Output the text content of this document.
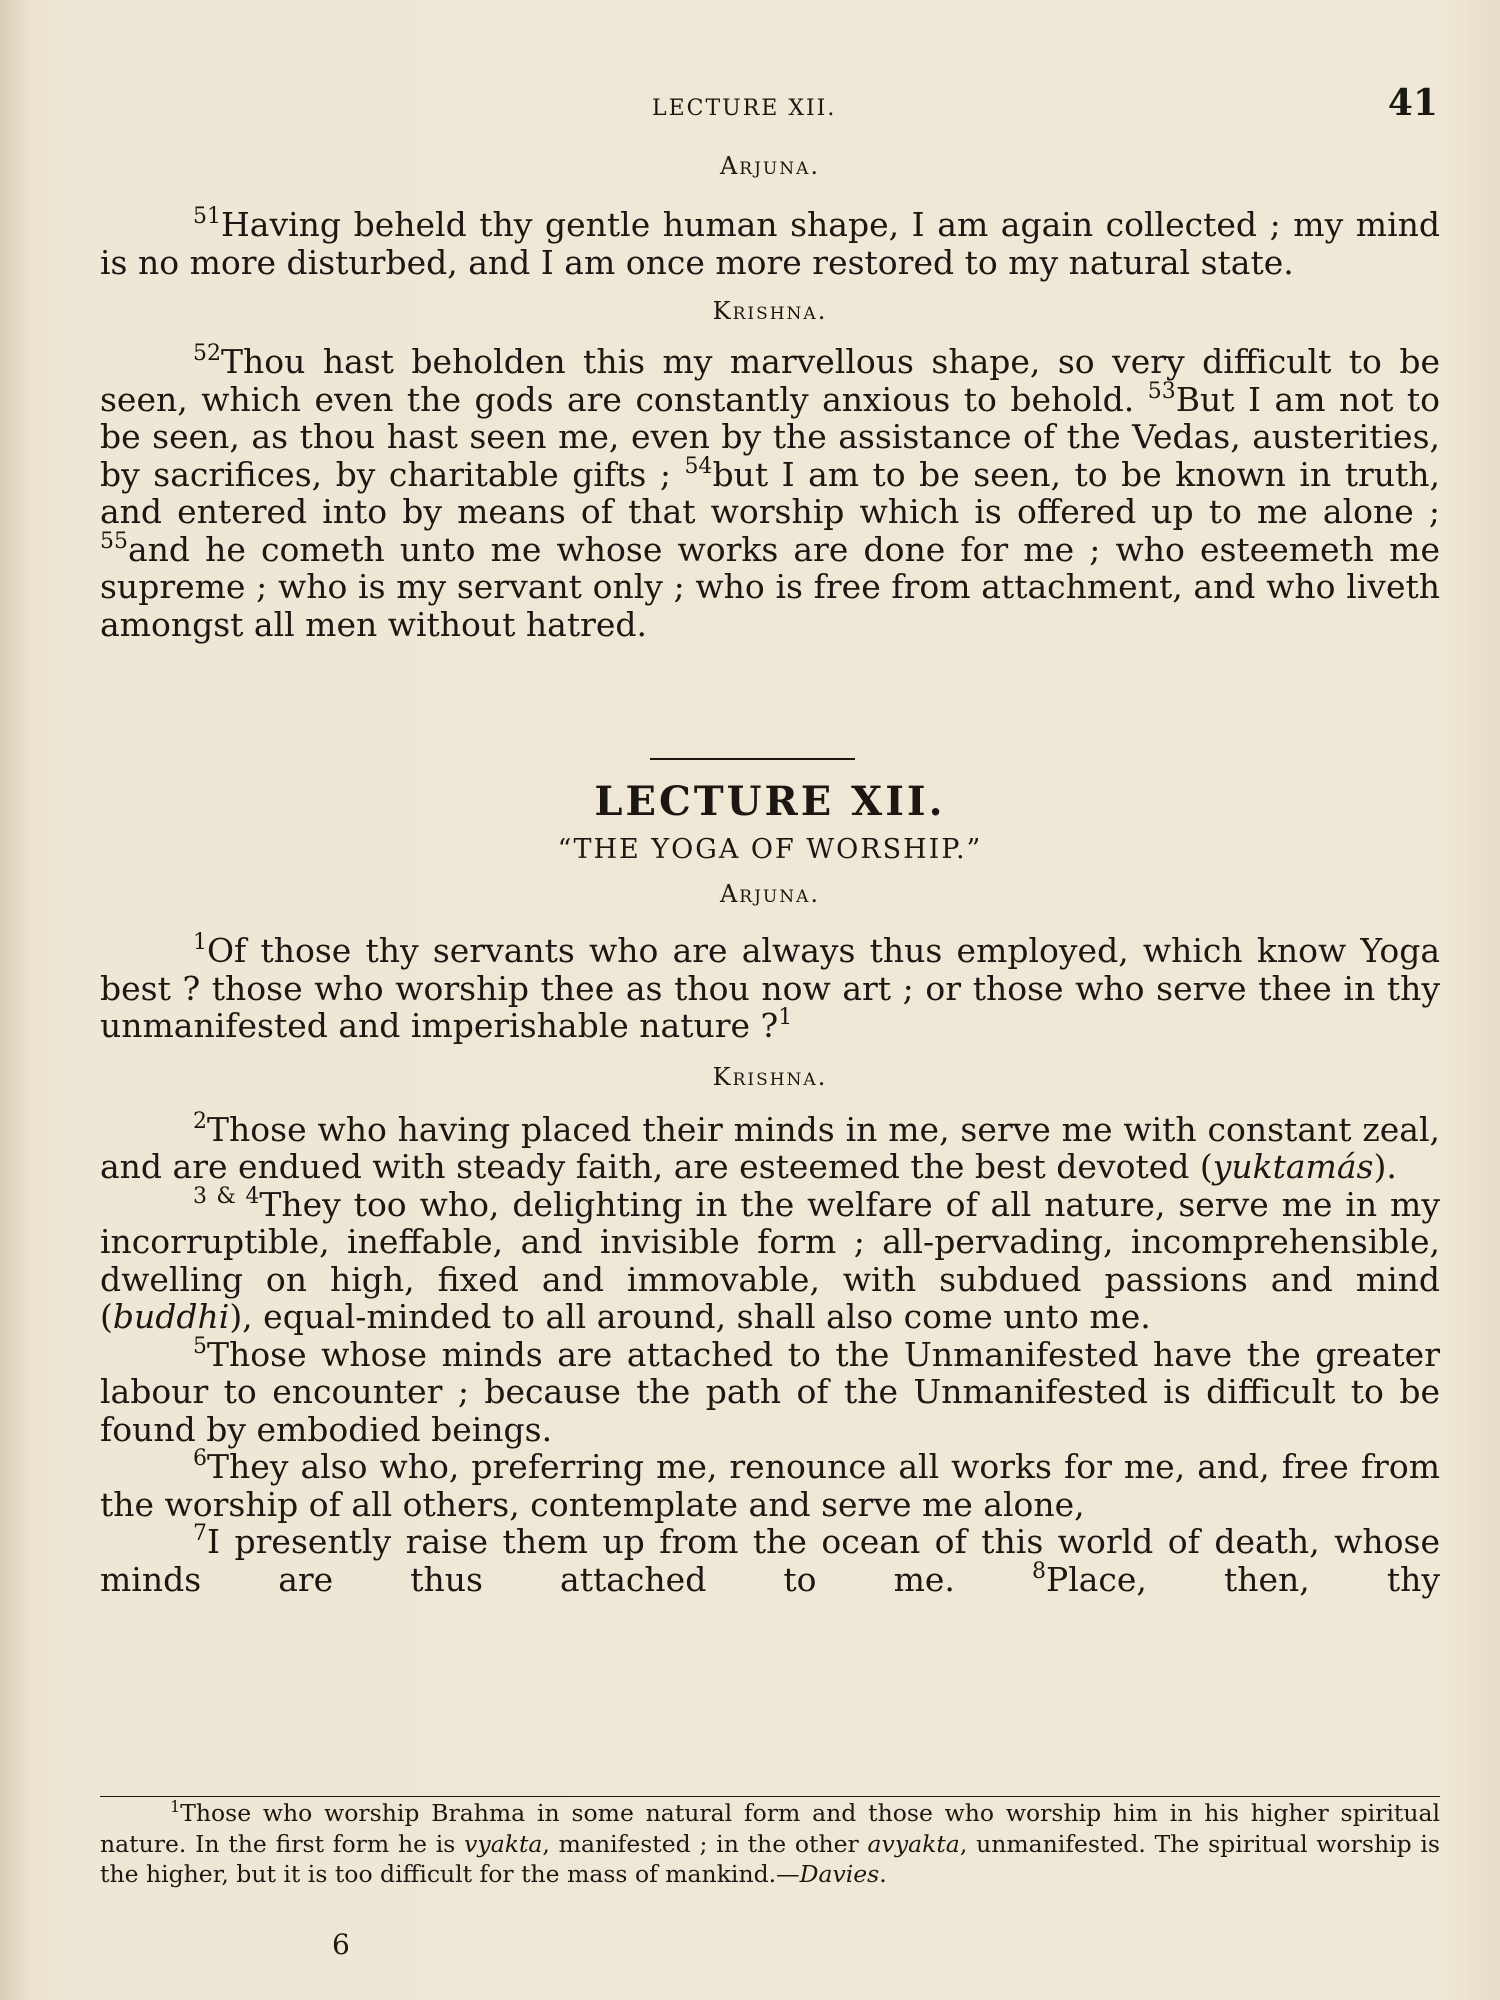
LECTURE XII.	41
Arjuna.

$^{51}$Having beheld thy gentle human shape, I am again collected ; my mind is no more disturbed, and I am once more restored to my natural state.

Krishna.

$^{52}$Thou hast beholden this my marvellous shape, so very difficult to be seen, which even the gods are constantly anxious to behold. $^{53}$But I am not to be seen, as thou hast seen me, even by the assistance of the Vedas, austerities, by sacrifices, by charitable gifts ; $^{54}$but I am to be seen, to be known in truth, and entered into by means of that worship which is offered up to me alone ; $^{55}$and he cometh unto me whose works are done for me ; who esteemeth me supreme ; who is my servant only ; who is free from attachment, and who liveth amongst all men without hatred.

LECTURE XII.
“THE YOGA OF WORSHIP.”
Arjuna.

$^1$Of those thy servants who are always thus employed, which know Yoga best ? those who worship thee as thou now art ; or those who serve thee in thy unmanifested and imperishable nature ?$^1$

Krishna.

$^2$Those who having placed their minds in me, serve me with constant zeal, and are endued with steady faith, are esteemed the best devoted (yuktamás).

$^{3 \& 4}$They too who, delighting in the welfare of all nature, serve me in my incorruptible, ineffable, and invisible form ; all-pervading, incomprehensible, dwelling on high, fixed and immovable, with subdued passions and mind (buddhi), equal-minded to all around, shall also come unto me.

$^5$Those whose minds are attached to the Unmanifested have the greater labour to encounter ; because the path of the Unmanifested is difficult to be found by embodied beings.

$^6$They also who, preferring me, renounce all works for me, and, free from the worship of all others, contemplate and serve me alone,

$^7$I presently raise them up from the ocean of this world of death, whose minds are thus attached to me. $^8$Place, then, thy

$^1$Those who worship Brahma in some natural form and those who worship him in his higher spiritual nature. In the first form he is vyakta, manifested ; in the other avyakta, unmanifested. The spiritual worship is the higher, but it is too difficult for the mass of mankind.—Davies.

6
